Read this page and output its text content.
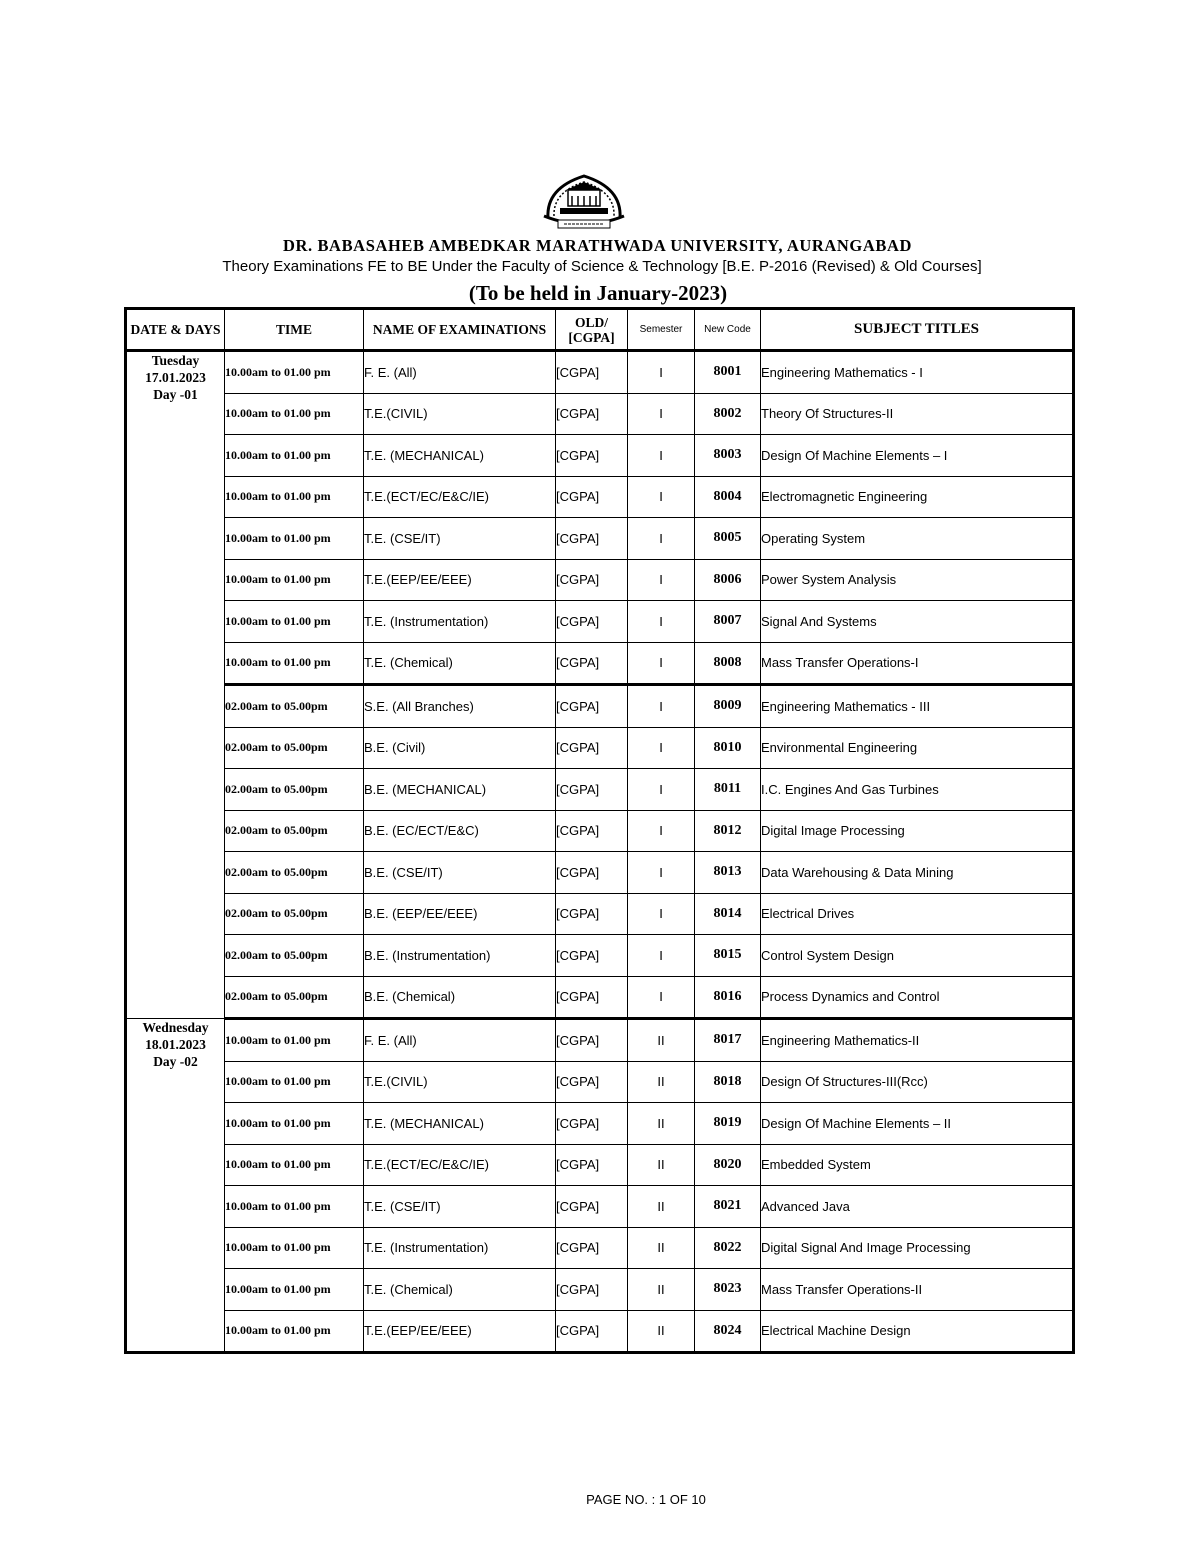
DR. BABASAHEB AMBEDKAR MARATHWADA UNIVERSITY, AURANGABAD
Theory Examinations FE to BE Under the Faculty of Science & Technology [B.E. P-2016 (Revised) & Old Courses]
(To be held in January-2023)
DATE & DAYS	TIME	NAME OF EXAMINATIONS	OLD/ [CGPA]	Semester	New Code	SUBJECT TITLES

Tuesday
17.01.2023
Day -01	10.00am to 01.00 pm	F. E. (All)	[CGPA]	I	8001	Engineering Mathematics - I
	10.00am to 01.00 pm	T.E.(CIVIL)	[CGPA]	I	8002	Theory Of Structures-II
	10.00am to 01.00 pm	T.E. (MECHANICAL)	[CGPA]	I	8003	Design Of Machine Elements – I
	10.00am to 01.00 pm	T.E.(ECT/EC/E&C/IE)	[CGPA]	I	8004	Electromagnetic Engineering
	10.00am to 01.00 pm	T.E. (CSE/IT)	[CGPA]	I	8005	Operating System
	10.00am to 01.00 pm	T.E.(EEP/EE/EEE)	[CGPA]	I	8006	Power System Analysis
	10.00am to 01.00 pm	T.E. (Instrumentation)	[CGPA]	I	8007	Signal And Systems
	10.00am to 01.00 pm	T.E. (Chemical)	[CGPA]	I	8008	Mass Transfer Operations-I
	02.00am to 05.00pm	S.E. (All Branches)	[CGPA]	I	8009	Engineering Mathematics - III
	02.00am to 05.00pm	B.E. (Civil)	[CGPA]	I	8010	Environmental Engineering
	02.00am to 05.00pm	B.E. (MECHANICAL)	[CGPA]	I	8011	I.C. Engines And Gas Turbines
	02.00am to 05.00pm	B.E. (EC/ECT/E&C)	[CGPA]	I	8012	Digital Image Processing
	02.00am to 05.00pm	B.E. (CSE/IT)	[CGPA]	I	8013	Data Warehousing & Data Mining
	02.00am to 05.00pm	B.E. (EEP/EE/EEE)	[CGPA]	I	8014	Electrical Drives
	02.00am to 05.00pm	B.E. (Instrumentation)	[CGPA]	I	8015	Control System Design
	02.00am to 05.00pm	B.E. (Chemical)	[CGPA]	I	8016	Process Dynamics and Control

Wednesday
18.01.2023
Day -02	10.00am to 01.00 pm	F. E. (All)	[CGPA]	II	8017	Engineering Mathematics-II
	10.00am to 01.00 pm	T.E.(CIVIL)	[CGPA]	II	8018	Design Of Structures-III(Rcc)
	10.00am to 01.00 pm	T.E. (MECHANICAL)	[CGPA]	II	8019	Design Of Machine Elements – II
	10.00am to 01.00 pm	T.E.(ECT/EC/E&C/IE)	[CGPA]	II	8020	Embedded System
	10.00am to 01.00 pm	T.E. (CSE/IT)	[CGPA]	II	8021	Advanced Java
	10.00am to 01.00 pm	T.E. (Instrumentation)	[CGPA]	II	8022	Digital Signal And Image Processing
	10.00am to 01.00 pm	T.E. (Chemical)	[CGPA]	II	8023	Mass Transfer Operations-II
	10.00am to 01.00 pm	T.E.(EEP/EE/EEE)	[CGPA]	II	8024	Electrical Machine Design
PAGE NO. : 1 OF 10
